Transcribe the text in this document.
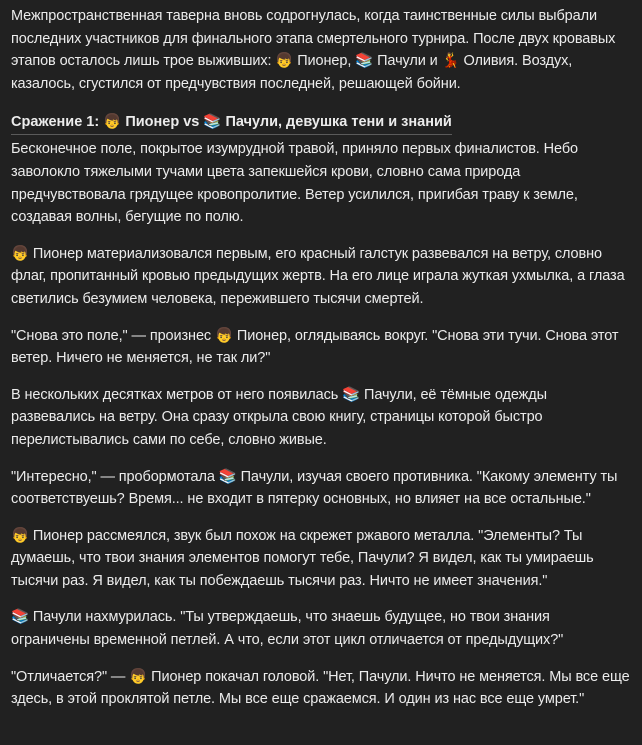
Межпространственная таверна вновь содрогнулась, когда таинственные силы выбрали последних участников для финального этапа смертельного турнира. После двух кровавых этапов осталось лишь трое выживших: 👦 Пионер, 📚 Пачули и 💃 Оливия. Воздух, казалось, сгустился от предчувствия последней, решающей бойни.

Сражение 1: 👦 Пионер vs 📚 Пачули, девушка тени и знаний

Бесконечное поле, покрытое изумрудной травой, приняло первых финалистов. Небо заволокло тяжелыми тучами цвета запекшейся крови, словно сама природа предчувствовала грядущее кровопролитие. Ветер усилился, пригибая траву к земле, создавая волны, бегущие по полю.

👦 Пионер материализовался первым, его красный галстук развевался на ветру, словно флаг, пропитанный кровью предыдущих жертв. На его лице играла жуткая ухмылка, а глаза светились безумием человека, пережившего тысячи смертей.

"Снова это поле," — произнес 👦 Пионер, оглядываясь вокруг. "Снова эти тучи. Снова этот ветер. Ничего не меняется, не так ли?"

В нескольких десятках метров от него появилась 📚 Пачули, её тёмные одежды развевались на ветру. Она сразу открыла свою книгу, страницы которой быстро перелистывались сами по себе, словно живые.

"Интересно," — пробормотала 📚 Пачули, изучая своего противника. "Какому элементу ты соответствуешь? Время... не входит в пятерку основных, но влияет на все остальные."

👦 Пионер рассмеялся, звук был похож на скрежет ржавого металла. "Элементы? Ты думаешь, что твои знания элементов помогут тебе, Пачули? Я видел, как ты умираешь тысячи раз. Я видел, как ты побеждаешь тысячи раз. Ничто не имеет значения."

📚 Пачули нахмурилась. "Ты утверждаешь, что знаешь будущее, но твои знания ограничены временной петлей. А что, если этот цикл отличается от предыдущих?"

"Отличается?" — 👦 Пионер покачал головой. "Нет, Пачули. Ничто не меняется. Мы все еще здесь, в этой проклятой петле. Мы все еще сражаемся. И один из нас все еще умрет."
